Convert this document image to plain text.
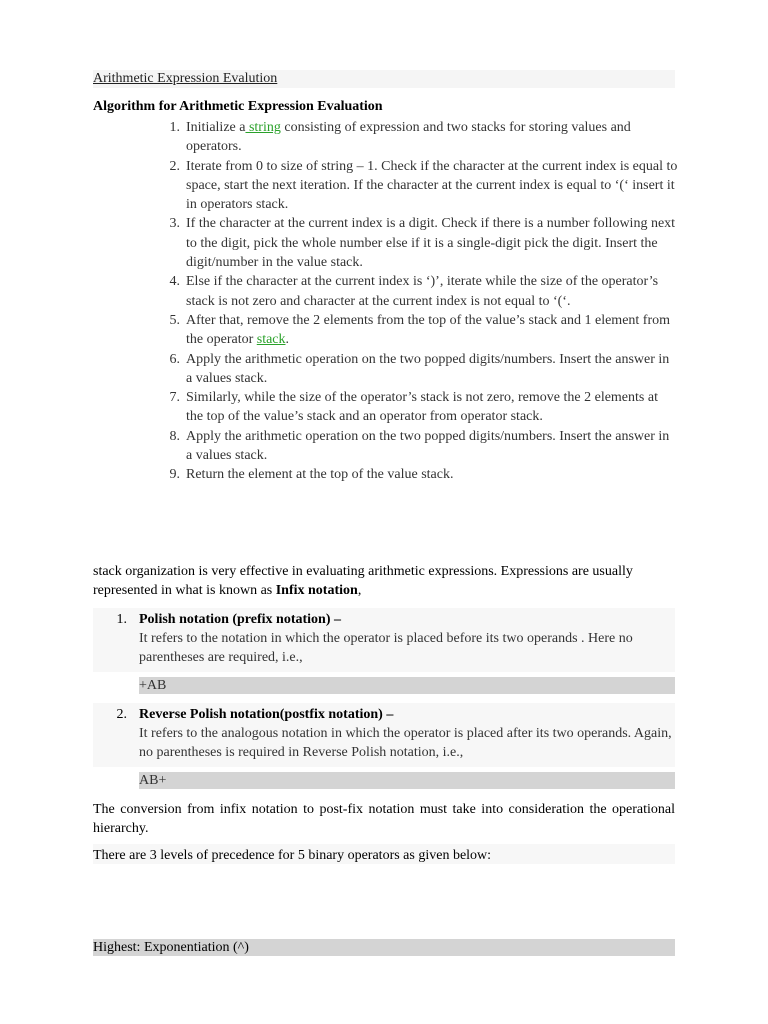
Arithmetic Expression Evalution
Algorithm for Arithmetic Expression Evaluation
1. Initialize a string consisting of expression and two stacks for storing values and operators.
2. Iterate from 0 to size of string – 1. Check if the character at the current index is equal to space, start the next iteration. If the character at the current index is equal to ‘(‘ insert it in operators stack.
3. If the character at the current index is a digit. Check if there is a number following next to the digit, pick the whole number else if it is a single-digit pick the digit. Insert the digit/number in the value stack.
4. Else if the character at the current index is ‘)’, iterate while the size of the operator’s stack is not zero and character at the current index is not equal to ‘(‘.
5. After that, remove the 2 elements from the top of the value’s stack and 1 element from the operator stack.
6. Apply the arithmetic operation on the two popped digits/numbers. Insert the answer in a values stack.
7. Similarly, while the size of the operator’s stack is not zero, remove the 2 elements at the top of the value’s stack and an operator from operator stack.
8. Apply the arithmetic operation on the two popped digits/numbers. Insert the answer in a values stack.
9. Return the element at the top of the value stack.
stack organization is very effective in evaluating arithmetic expressions. Expressions are usually represented in what is known as Infix notation,
1. Polish notation (prefix notation) –
It refers to the notation in which the operator is placed before its two operands . Here no parentheses are required, i.e.,
+AB
2. Reverse Polish notation(postfix notation) –
It refers to the analogous notation in which the operator is placed after its two operands. Again, no parentheses is required in Reverse Polish notation, i.e.,
AB+
The conversion from infix notation to post-fix notation must take into consideration the operational hierarchy.
There are 3 levels of precedence for 5 binary operators as given below:
Highest: Exponentiation (^)
